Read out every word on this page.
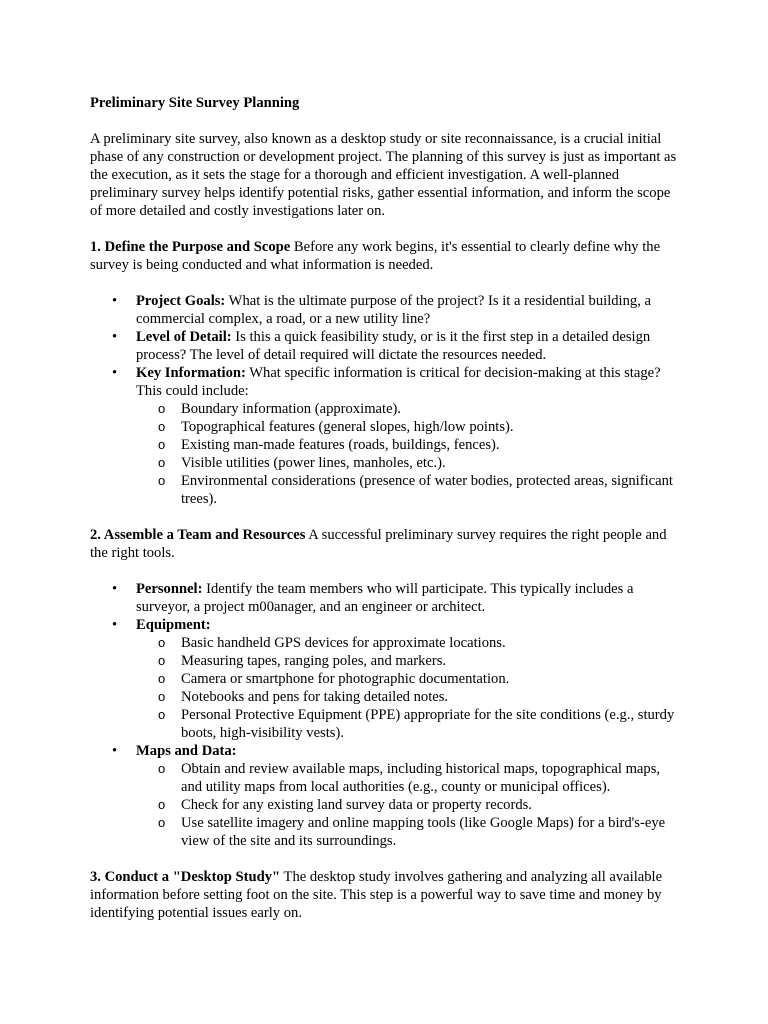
Preliminary Site Survey Planning

A preliminary site survey, also known as a desktop study or site reconnaissance, is a crucial initial phase of any construction or development project. The planning of this survey is just as important as the execution, as it sets the stage for a thorough and efficient investigation. A well-planned preliminary survey helps identify potential risks, gather essential information, and inform the scope of more detailed and costly investigations later on.

1. Define the Purpose and Scope Before any work begins, it's essential to clearly define why the survey is being conducted and what information is needed.

• Project Goals: What is the ultimate purpose of the project? Is it a residential building, a commercial complex, a road, or a new utility line?
• Level of Detail: Is this a quick feasibility study, or is it the first step in a detailed design process? The level of detail required will dictate the resources needed.
• Key Information: What specific information is critical for decision-making at this stage? This could include:
o Boundary information (approximate).
o Topographical features (general slopes, high/low points).
o Existing man-made features (roads, buildings, fences).
o Visible utilities (power lines, manholes, etc.).
o Environmental considerations (presence of water bodies, protected areas, significant trees).

2. Assemble a Team and Resources A successful preliminary survey requires the right people and the right tools.

• Personnel: Identify the team members who will participate. This typically includes a surveyor, a project m00anager, and an engineer or architect.
• Equipment:
o Basic handheld GPS devices for approximate locations.
o Measuring tapes, ranging poles, and markers.
o Camera or smartphone for photographic documentation.
o Notebooks and pens for taking detailed notes.
o Personal Protective Equipment (PPE) appropriate for the site conditions (e.g., sturdy boots, high-visibility vests).
• Maps and Data:
o Obtain and review available maps, including historical maps, topographical maps, and utility maps from local authorities (e.g., county or municipal offices).
o Check for any existing land survey data or property records.
o Use satellite imagery and online mapping tools (like Google Maps) for a bird's-eye view of the site and its surroundings.

3. Conduct a "Desktop Study" The desktop study involves gathering and analyzing all available information before setting foot on the site. This step is a powerful way to save time and money by identifying potential issues early on.
